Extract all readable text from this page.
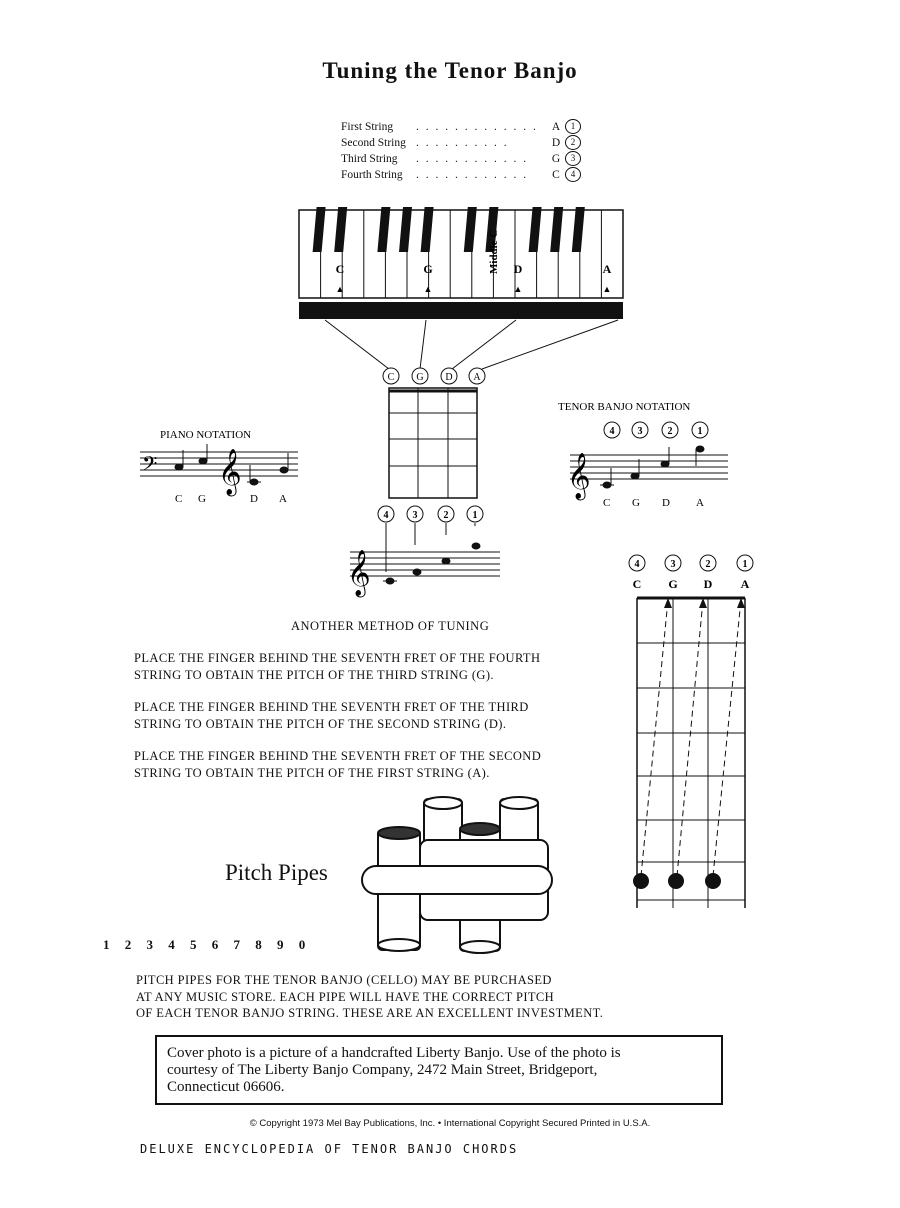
Tuning the Tenor Banjo
First String	. . . . . . . . . . . . .	A	1
Second String . . . . . . . . . .	D	2
Third String	. . . . . . . . . . . .	G	3
Fourth String	. . . . . . . . . . . .	C	4
Middle C
C	G	D	A
▲	▲	▲	▲
C G D A
PIANO NOTATION
𝄢 𝄞
C G	D A
TENOR BANJO NOTATION
4 3	2	1
𝄞
C G D A
4 3	2 1
𝄞	4	3	2	1
C G D A
ANOTHER METHOD OF TUNING
PLACE THE FINGER BEHIND THE SEVENTH FRET OF THE FOURTH
STRING TO OBTAIN THE PITCH OF THE THIRD STRING (G).
PLACE THE FINGER BEHIND THE SEVENTH FRET OF THE THIRD
STRING TO OBTAIN THE PITCH OF THE SECOND STRING (D).
PLACE THE FINGER BEHIND THE SEVENTH FRET OF THE SECOND
STRING TO OBTAIN THE PITCH OF THE FIRST STRING (A).
Pitch Pipes
1 2 3 4 5 6 7 8 9 0
PITCH PIPES FOR THE TENOR BANJO (CELLO) MAY BE PURCHASED
AT ANY MUSIC STORE. EACH PIPE WILL HAVE THE CORRECT PITCH
OF EACH TENOR BANJO STRING. THESE ARE AN EXCELLENT INVESTMENT.
Cover photo is a picture of a handcrafted Liberty Banjo. Use of the photo is
courtesy of The Liberty Banjo Company, 2472 Main Street, Bridgeport,
Connecticut 06606.
© Copyright 1973 Mel Bay Publications, Inc. • International Copyright Secured Printed in U.S.A.
DELUXE ENCYCLOPEDIA OF TENOR BANJO CHORDS
